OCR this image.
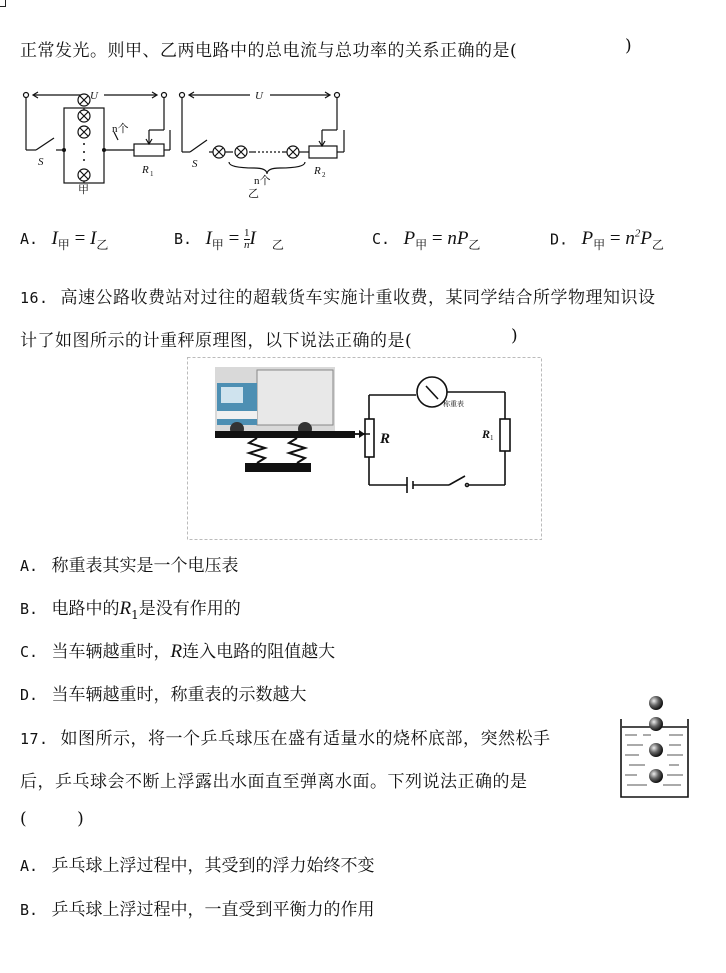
正常发光。则甲、乙两电路中的总电流与总功率的关系正确的是(	)
U	U
S	S
n个
n个
甲	乙
R 1	R 2
A. $I_甲 = I_乙$	B. $I_甲 = \frac{1}{n}$ I $_乙$	C. $P_甲 = nP_乙$	D. $P_甲 = n^2P_乙$
16. 高速公路收费站对过往的超载货车实施计重收费，某同学结合所学物理知识设
计了如图所示的计重秤原理图，以下说法正确的是(	)
称重表
R	R 1
A. 称重表其实是一个电压表
B. 电路中的$R_1$是没有作用的
C. 当车辆越重时，R连入电路的阻值越大
D. 当车辆越重时，称重表的示数越大
17. 如图所示，将一个乒乓球压在盛有适量水的烧杯底部，突然松手
后，乒乓球会不断上浮露出水面直至弹离水面。下列说法正确的是
(	)
A. 乒乓球上浮过程中，其受到的浮力始终不变
B. 乒乓球上浮过程中，一直受到平衡力的作用
